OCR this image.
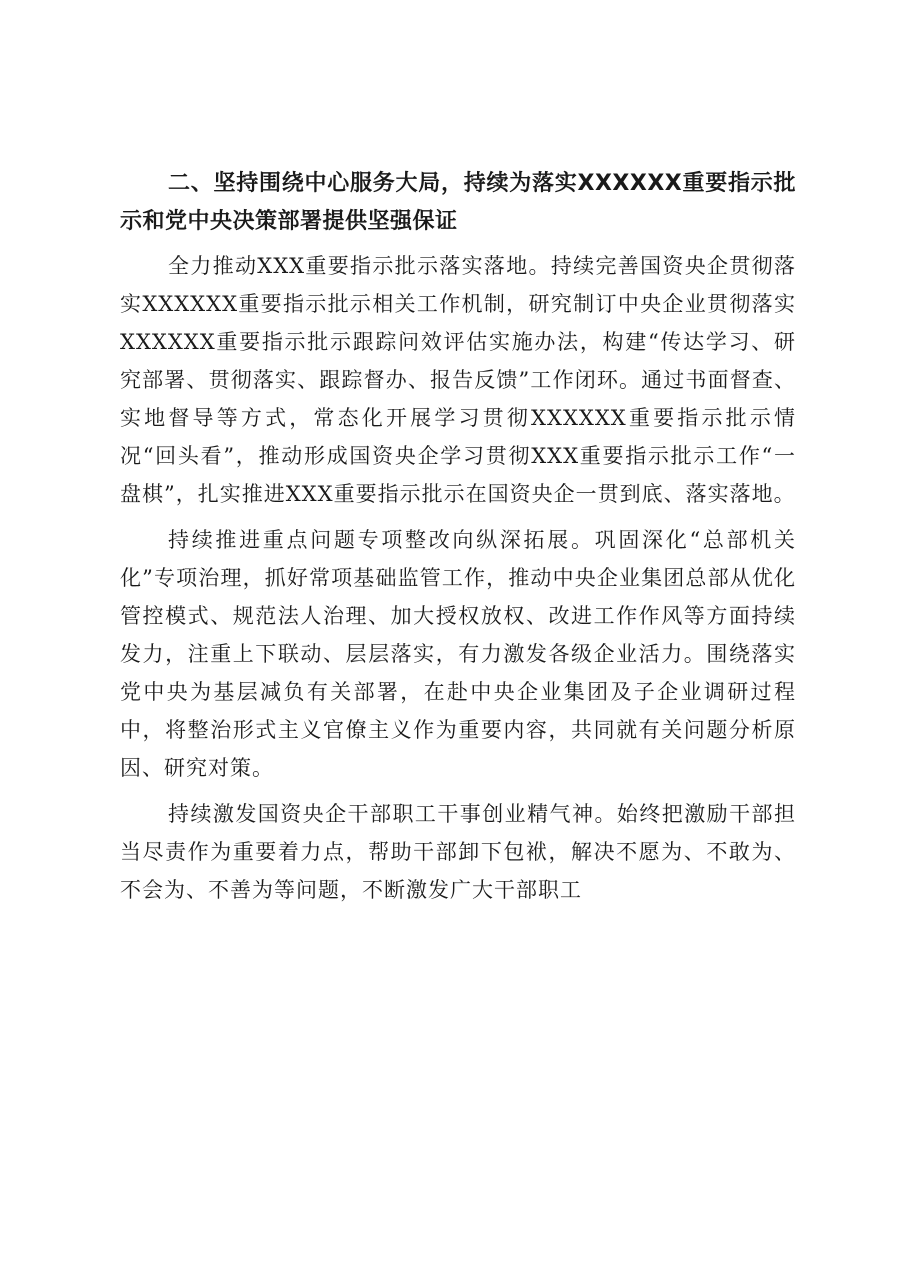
二、坚持围绕中心服务大局，持续为落实XXXXXX重要指示批示和党中央决策部署提供坚强保证

全力推动XXX重要指示批示落实落地。持续完善国资央企贯彻落实XXXXXX重要指示批示相关工作机制，研究制订中央企业贯彻落实XXXXXX重要指示批示跟踪问效评估实施办法，构建“传达学习、研究部署、贯彻落实、跟踪督办、报告反馈”工作闭环。通过书面督查、实地督导等方式，常态化开展学习贯彻XXXXXX重要指示批示情况“回头看”，推动形成国资央企学习贯彻XXX重要指示批示工作“一盘棋”，扎实推进XXX重要指示批示在国资央企一贯到底、落实落地。

持续推进重点问题专项整改向纵深拓展。巩固深化“总部机关化”专项治理，抓好常项基础监管工作，推动中央企业集团总部从优化管控模式、规范法人治理、加大授权放权、改进工作作风等方面持续发力，注重上下联动、层层落实，有力激发各级企业活力。围绕落实党中央为基层减负有关部署，在赴中央企业集团及子企业调研过程中，将整治形式主义官僚主义作为重要内容，共同就有关问题分析原因、研究对策。

持续激发国资央企干部职工干事创业精气神。始终把激励干部担当尽责作为重要着力点，帮助干部卸下包袱，解决不愿为、不敢为、不会为、不善为等问题，不断激发广大干部职工
